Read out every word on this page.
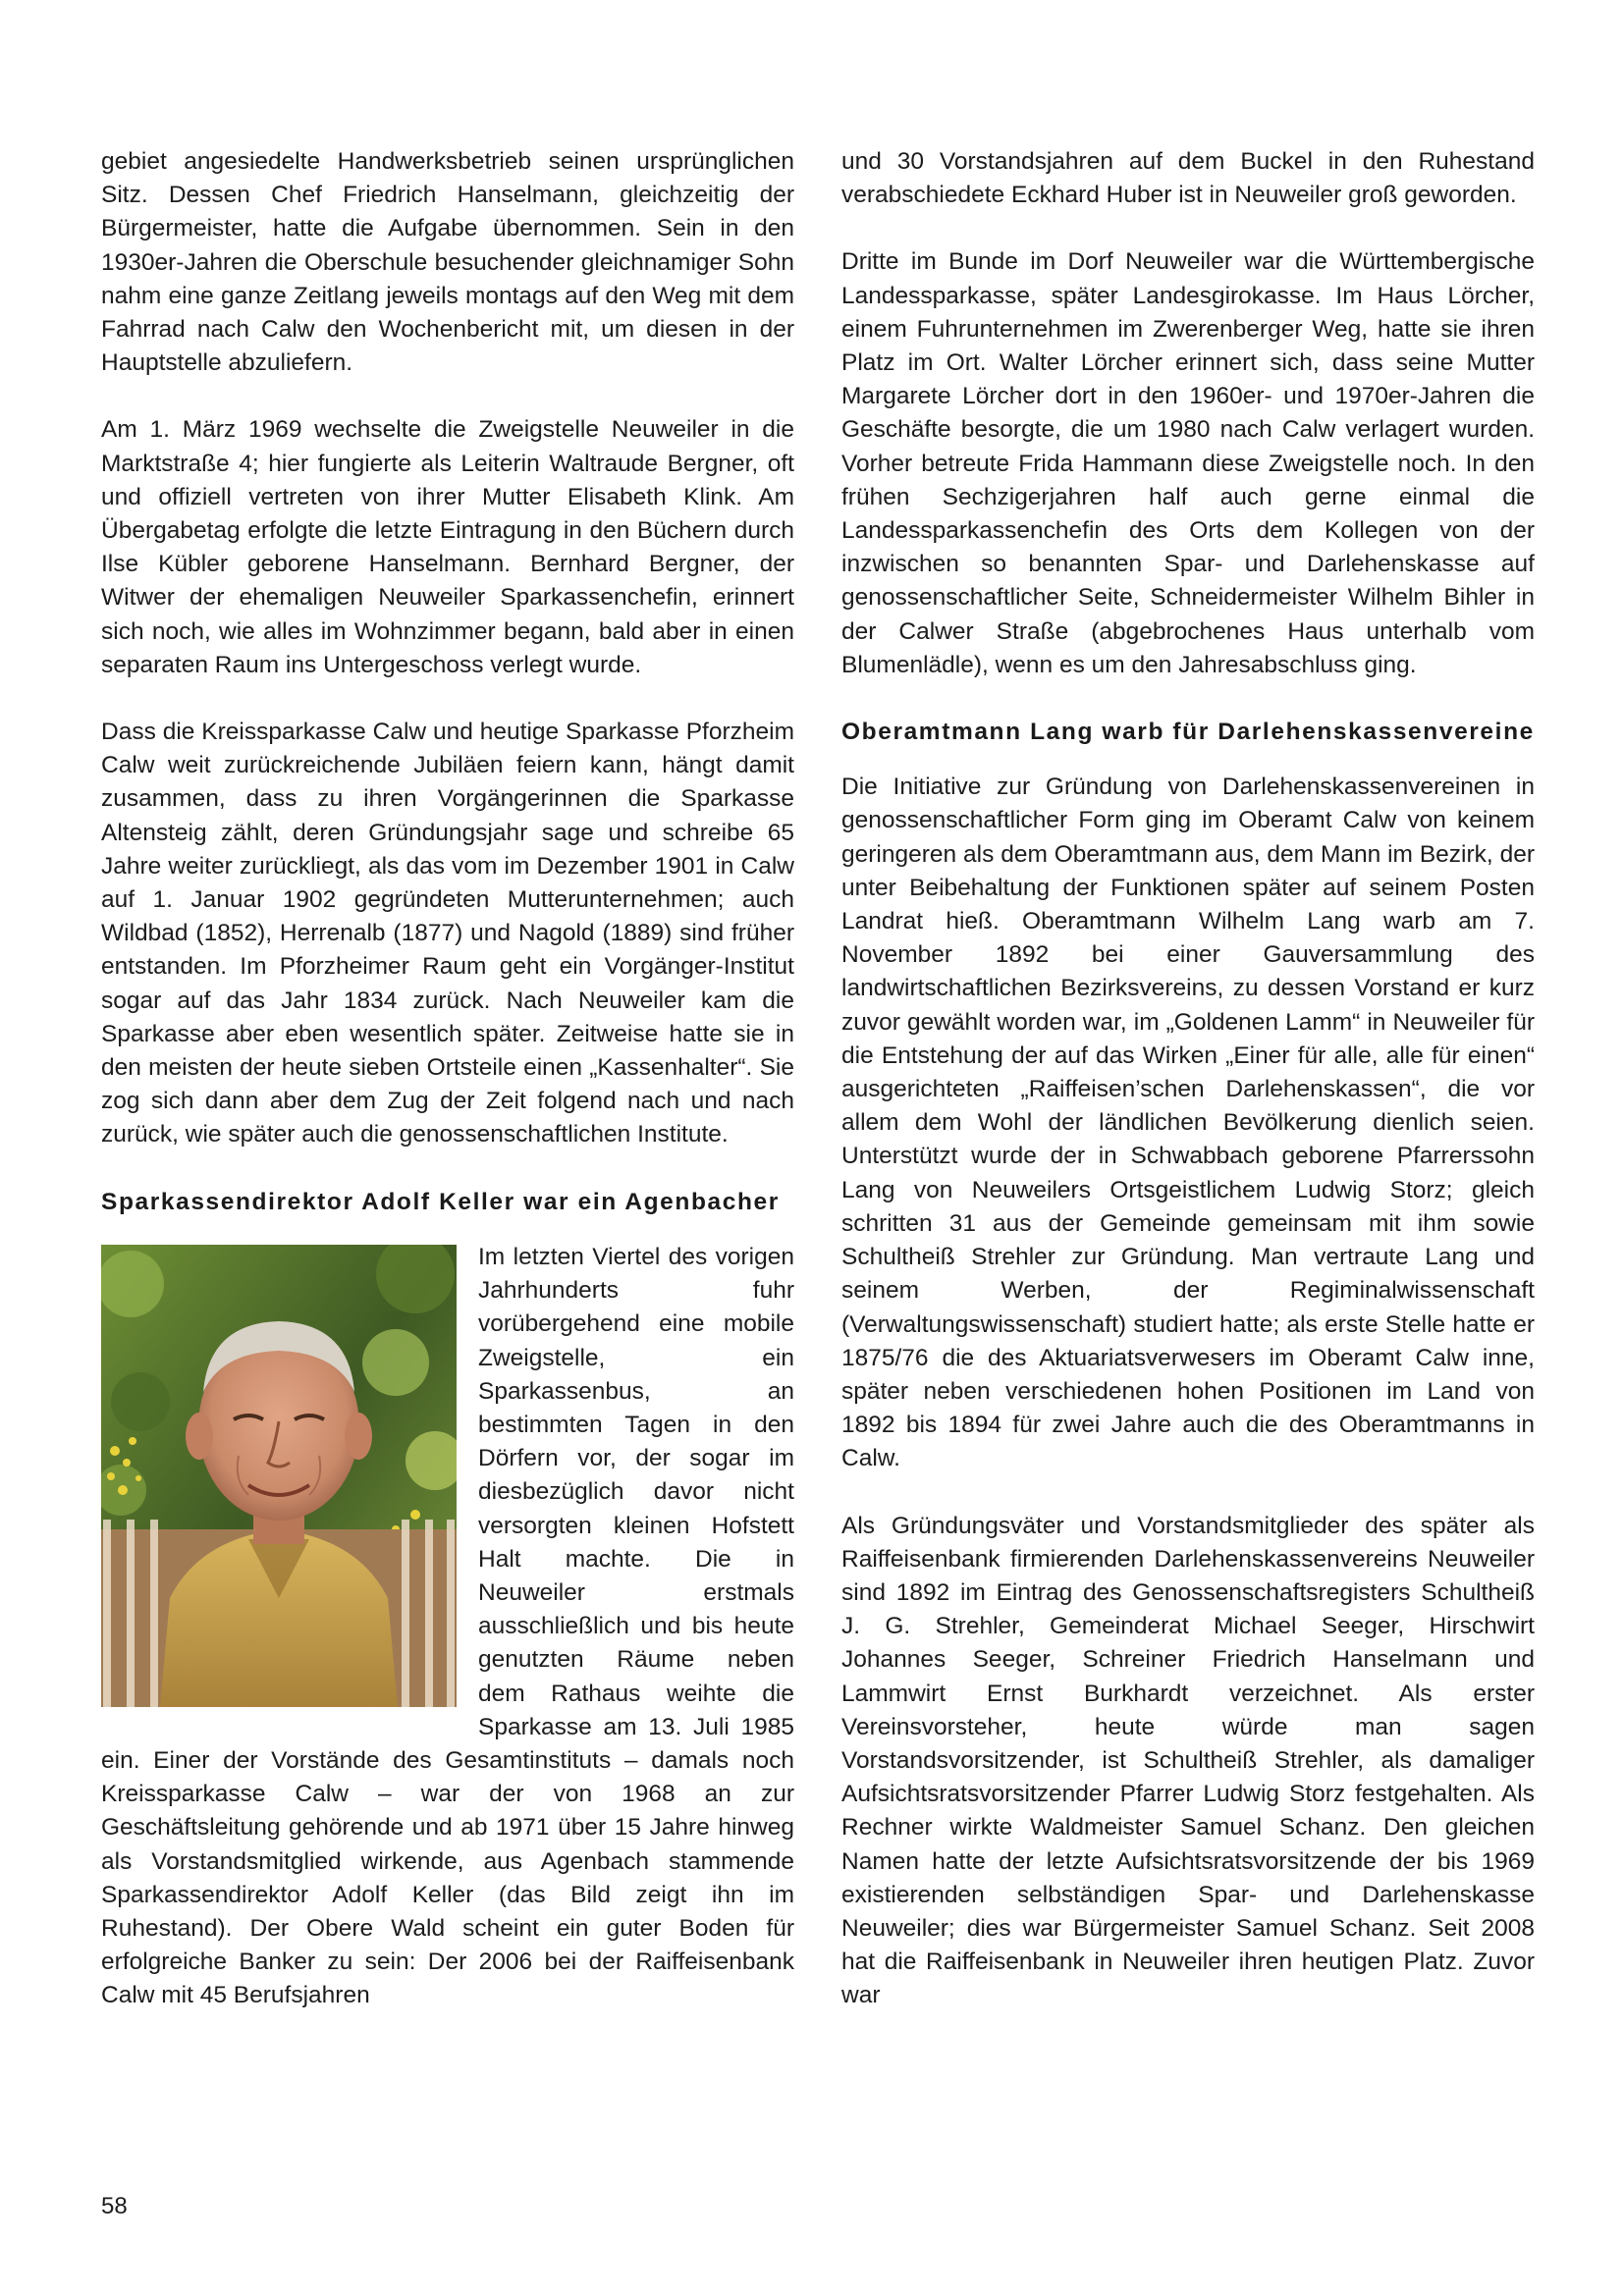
gebiet angesiedelte Handwerksbetrieb seinen ursprünglichen Sitz. Dessen Chef Friedrich Hanselmann, gleichzeitig der Bürgermeister, hatte die Aufgabe übernommen. Sein in den 1930er-Jahren die Oberschule besuchender gleichnamiger Sohn nahm eine ganze Zeitlang jeweils montags auf den Weg mit dem Fahrrad nach Calw den Wochenbericht mit, um diesen in der Hauptstelle abzuliefern.

Am 1. März 1969 wechselte die Zweigstelle Neuweiler in die Marktstraße 4; hier fungierte als Leiterin Waltraude Bergner, oft und offiziell vertreten von ihrer Mutter Elisabeth Klink. Am Übergabetag erfolgte die letzte Eintragung in den Büchern durch Ilse Kübler geborene Hanselmann. Bernhard Bergner, der Witwer der ehemaligen Neuweiler Sparkassenchefin, erinnert sich noch, wie alles im Wohnzimmer begann, bald aber in einen separaten Raum ins Untergeschoss verlegt wurde.

Dass die Kreissparkasse Calw und heutige Sparkasse Pforzheim Calw weit zurückreichende Jubiläen feiern kann, hängt damit zusammen, dass zu ihren Vorgängerinnen die Sparkasse Altensteig zählt, deren Gründungsjahr sage und schreibe 65 Jahre weiter zurückliegt, als das vom im Dezember 1901 in Calw auf 1. Januar 1902 gegründeten Mutterunternehmen; auch Wildbad (1852), Herrenalb (1877) und Nagold (1889) sind früher entstanden. Im Pforzheimer Raum geht ein Vorgänger-Institut sogar auf das Jahr 1834 zurück. Nach Neuweiler kam die Sparkasse aber eben wesentlich später. Zeitweise hatte sie in den meisten der heute sieben Ortsteile einen „Kassenhalter“. Sie zog sich dann aber dem Zug der Zeit folgend nach und nach zurück, wie später auch die genossenschaftlichen Institute.

Sparkassendirektor Adolf Keller war ein Agenbacher

Im letzten Viertel des vorigen Jahrhunderts fuhr vorübergehend eine mobile Zweigstelle, ein Sparkassenbus, an bestimmten Tagen in den Dörfern vor, der sogar im diesbezüglich davor nicht versorgten kleinen Hofstett Halt machte. Die in Neuweiler erstmals ausschließlich und bis heute genutzten Räume neben dem Rathaus weihte die Sparkasse am 13. Juli 1985 ein. Einer der Vorstände des Gesamtinstituts – damals noch Kreissparkasse Calw – war der von 1968 an zur Geschäftsleitung gehörende und ab 1971 über 15 Jahre hinweg als Vorstandsmitglied wirkende, aus Agenbach stammende Sparkassendirektor Adolf Keller (das Bild zeigt ihn im Ruhestand). Der Obere Wald scheint ein guter Boden für erfolgreiche Banker zu sein: Der 2006 bei der Raiffeisenbank Calw mit 45 Berufsjahren

und 30 Vorstandsjahren auf dem Buckel in den Ruhestand verabschiedete Eckhard Huber ist in Neuweiler groß geworden.

Dritte im Bunde im Dorf Neuweiler war die Württembergische Landessparkasse, später Landesgirokasse. Im Haus Lörcher, einem Fuhrunternehmen im Zwerenberger Weg, hatte sie ihren Platz im Ort. Walter Lörcher erinnert sich, dass seine Mutter Margarete Lörcher dort in den 1960er- und 1970er-Jahren die Geschäfte besorgte, die um 1980 nach Calw verlagert wurden. Vorher betreute Frida Hammann diese Zweigstelle noch. In den frühen Sechzigerjahren half auch gerne einmal die Landessparkassenchefin des Orts dem Kollegen von der inzwischen so benannten Spar- und Darlehenskasse auf genossenschaftlicher Seite, Schneidermeister Wilhelm Bihler in der Calwer Straße (abgebrochenes Haus unterhalb vom Blumenlädle), wenn es um den Jahresabschluss ging.

Oberamtmann Lang warb für Darlehenskassenvereine

Die Initiative zur Gründung von Darlehenskassenvereinen in genossenschaftlicher Form ging im Oberamt Calw von keinem geringeren als dem Oberamtmann aus, dem Mann im Bezirk, der unter Beibehaltung der Funktionen später auf seinem Posten Landrat hieß. Oberamtmann Wilhelm Lang warb am 7. November 1892 bei einer Gauversammlung des landwirtschaftlichen Bezirksvereins, zu dessen Vorstand er kurz zuvor gewählt worden war, im „Goldenen Lamm“ in Neuweiler für die Entstehung der auf das Wirken „Einer für alle, alle für einen“ ausgerichteten „Raiffeisen’schen Darlehenskassen“, die vor allem dem Wohl der ländlichen Bevölkerung dienlich seien. Unterstützt wurde der in Schwabbach geborene Pfarrerssohn Lang von Neuweilers Ortsgeistlichem Ludwig Storz; gleich schritten 31 aus der Gemeinde gemeinsam mit ihm sowie Schultheiß Strehler zur Gründung. Man vertraute Lang und seinem Werben, der Regiminalwissenschaft (Verwaltungswissenschaft) studiert hatte; als erste Stelle hatte er 1875/76 die des Aktuariatsverwesers im Oberamt Calw inne, später neben verschiedenen hohen Positionen im Land von 1892 bis 1894 für zwei Jahre auch die des Oberamtmanns in Calw.

Als Gründungsväter und Vorstandsmitglieder des später als Raiffeisenbank firmierenden Darlehenskassenvereins Neuweiler sind 1892 im Eintrag des Genossenschaftsregisters Schultheiß J. G. Strehler, Gemeinderat Michael Seeger, Hirschwirt Johannes Seeger, Schreiner Friedrich Hanselmann und Lammwirt Ernst Burkhardt verzeichnet. Als erster Vereinsvorsteher, heute würde man sagen Vorstandsvorsitzender, ist Schultheiß Strehler, als damaliger Aufsichtsratsvorsitzender Pfarrer Ludwig Storz festgehalten. Als Rechner wirkte Waldmeister Samuel Schanz. Den gleichen Namen hatte der letzte Aufsichtsratsvorsitzende der bis 1969 existierenden selbständigen Spar- und Darlehenskasse Neuweiler; dies war Bürgermeister Samuel Schanz. Seit 2008 hat die Raiffeisenbank in Neuweiler ihren heutigen Platz. Zuvor war

58
